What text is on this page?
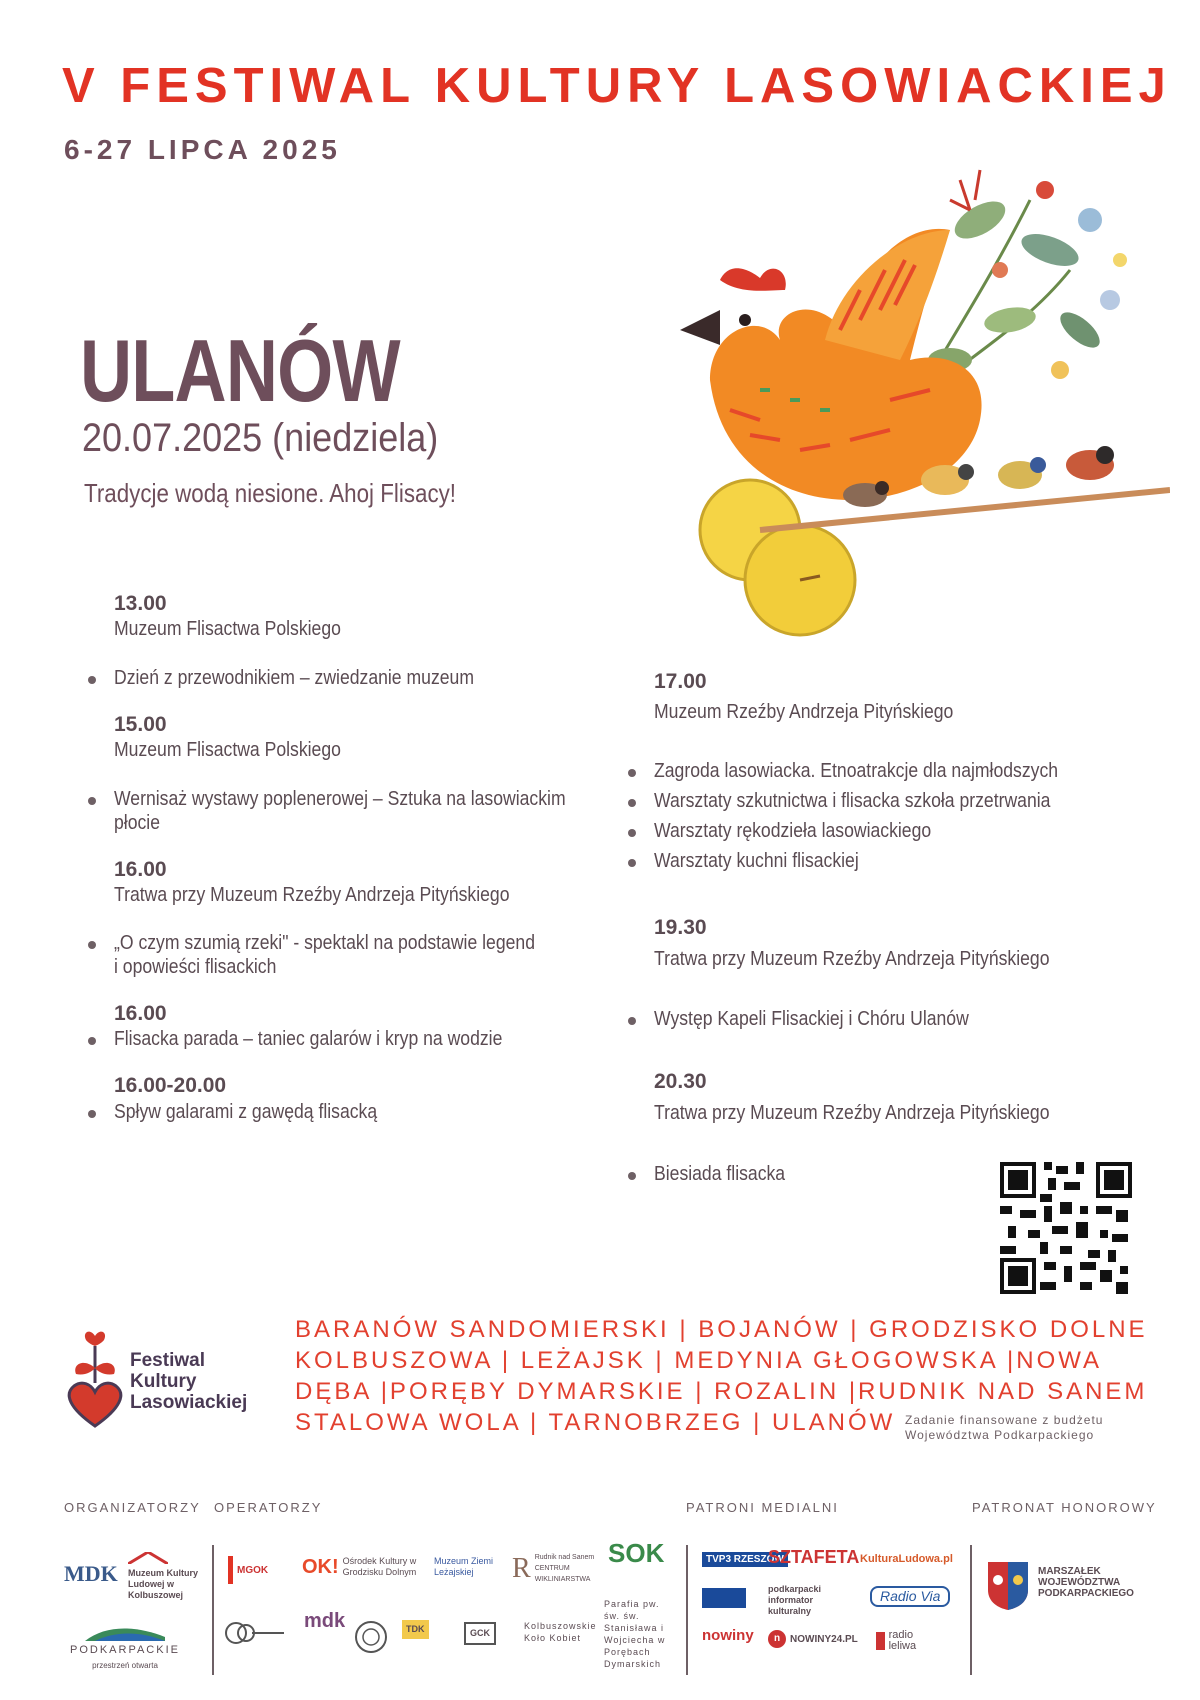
V FESTIWAL KULTURY LASOWIACKIEJ
6-27 LIPCA 2025
ULANÓW
20.07.2025 (niedziela)
Tradycje wodą niesione. Ahoj Flisacy!
13.00
Muzeum Flisactwa Polskiego
Dzień z przewodnikiem – zwiedzanie muzeum
15.00
Muzeum Flisactwa Polskiego
Wernisaż wystawy poplenerowej – Sztuka na lasowiackim
płocie
16.00
Tratwa przy Muzeum Rzeźby Andrzeja Pityńskiego
„O czym szumią rzeki" - spektakl na podstawie legend
i opowieści flisackich
16.00
Flisacka parada – taniec galarów i kryp na wodzie
16.00-20.00
Spływ galarami z gawędą flisacką
17.00
Muzeum Rzeźby Andrzeja Pityńskiego
Zagroda lasowiacka. Etnoatrakcje dla najmłodszych
Warsztaty szkutnictwa i flisacka szkoła przetrwania
Warsztaty rękodzieła lasowiackiego
Warsztaty kuchni flisackiej
19.30
Tratwa przy Muzeum Rzeźby Andrzeja Pityńskiego
Występ Kapeli Flisackiej i Chóru Ulanów
20.30
Tratwa przy Muzeum Rzeźby Andrzeja Pityńskiego
Biesiada flisacka
Festiwal
Kultury
Lasowiackiej
BARANÓW SANDOMIERSKI | BOJANÓW | GRODZISKO DOLNE
KOLBUSZOWA | LEŻAJSK | MEDYNIA GŁOGOWSKA |NOWA
DĘBA |PORĘBY DYMARSKIE | ROZALIN |RUDNIK NAD SANEM
STALOWA WOLA | TARNOBRZEG | ULANÓW Zadanie finansowane z budżetu
Województwa Podkarpackiego
ORGANIZATORZY OPERATORZY	PATRONI MEDIALNI	PATRONAT HONOROWY
MDK Muzeum Kultury Ludowej w Kolbuszowej
PODKARPACKIE
przestrzeń otwarta
MGOK OK! Ośrodek Kultury w Grodzisku Dolnym
Muzeum Ziemi Leżajskiej	R Rudnik nad Sanem CENTRUM WIKLINIARSTWA
SOK
mdk	TDK	GCK
Kolbuszowskie Koło Kobiet
Parafia pw. św. św. Stanisława i Wojciecha w Porębach Dymarskich
TVP3 RZESZÓW
SZTAFETA KulturaLudowa.pl
podkarpacki informator kulturalny
Radio Via
nowiny	n NOWINY24.PL	radio leliwa
MARSZAŁEK WOJEWÓDZTWA PODKARPACKIEGO
